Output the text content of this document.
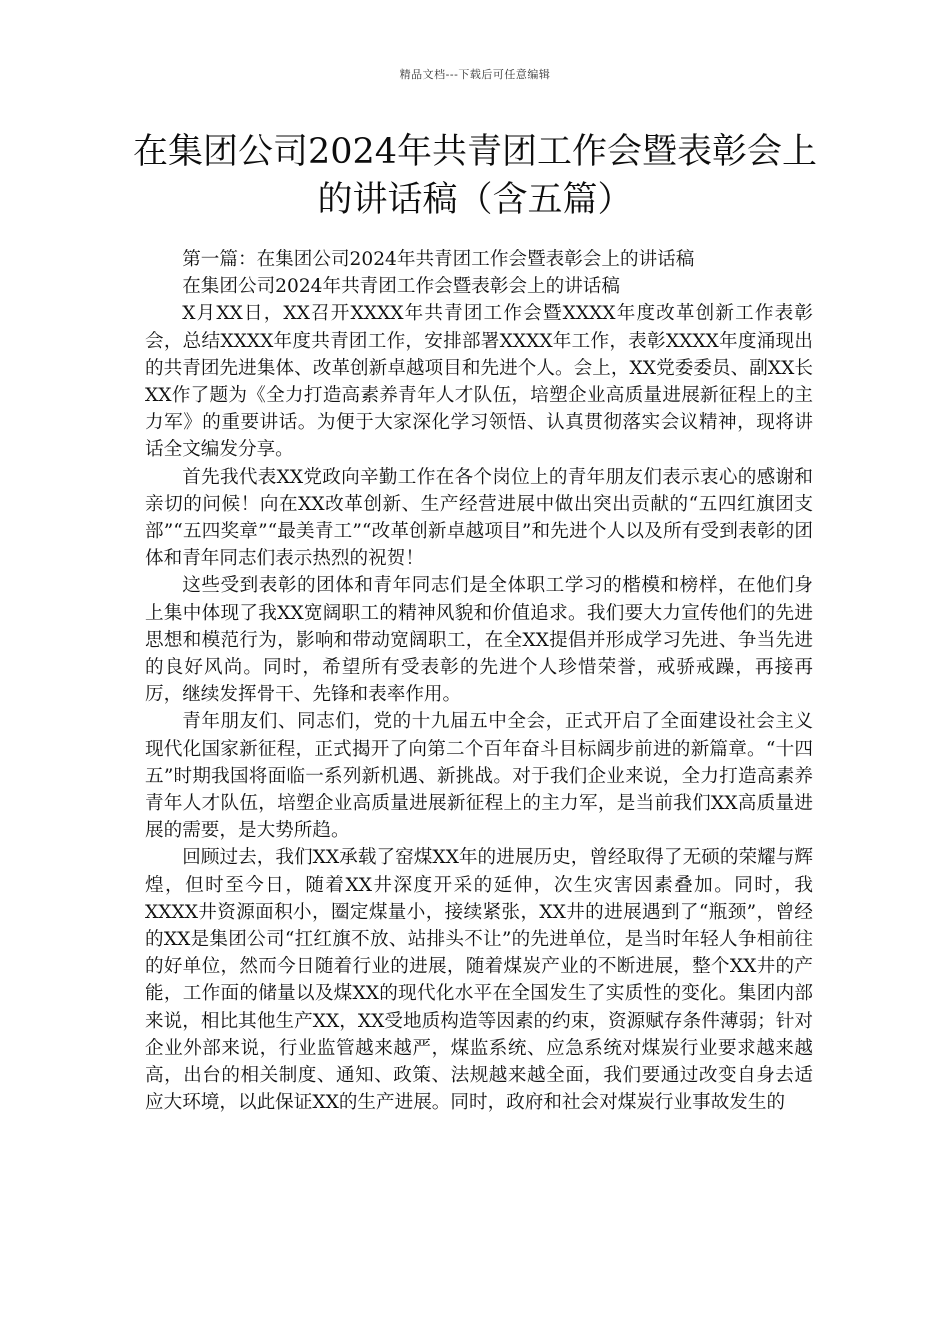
精品文档---下载后可任意编辑
在集团公司2024年共青团工作会暨表彰会上的讲话稿（含五篇）

第一篇：在集团公司2024年共青团工作会暨表彰会上的讲话稿

在集团公司2024年共青团工作会暨表彰会上的讲话稿

X月XX日，XX召开XXXX年共青团工作会暨XXXX年度改革创新工作表彰会，总结XXXX年度共青团工作，安排部署XXXX年工作，表彰XXXX年度涌现出的共青团先进集体、改革创新卓越项目和先进个人。会上，XX党委委员、副XX长XX作了题为《全力打造高素养青年人才队伍，培塑企业高质量进展新征程上的主力军》的重要讲话。为便于大家深化学习领悟、认真贯彻落实会议精神，现将讲话全文编发分享。

首先我代表XX党政向辛勤工作在各个岗位上的青年朋友们表示衷心的感谢和亲切的问候！向在XX改革创新、生产经营进展中做出突出贡献的“五四红旗团支部”“五四奖章”“最美青工”“改革创新卓越项目”和先进个人以及所有受到表彰的团体和青年同志们表示热烈的祝贺！

这些受到表彰的团体和青年同志们是全体职工学习的楷模和榜样，在他们身上集中体现了我XX宽阔职工的精神风貌和价值追求。我们要大力宣传他们的先进思想和模范行为，影响和带动宽阔职工，在全XX提倡并形成学习先进、争当先进的良好风尚。同时，希望所有受表彰的先进个人珍惜荣誉，戒骄戒躁，再接再厉，继续发挥骨干、先锋和表率作用。

青年朋友们、同志们，党的十九届五中全会，正式开启了全面建设社会主义现代化国家新征程，正式揭开了向第二个百年奋斗目标阔步前进的新篇章。“十四五”时期我国将面临一系列新机遇、新挑战。对于我们企业来说，全力打造高素养青年人才队伍，培塑企业高质量进展新征程上的主力军，是当前我们XX高质量进展的需要，是大势所趋。

回顾过去，我们XX承载了窑煤XX年的进展历史，曾经取得了无硕的荣耀与辉煌，但时至今日，随着XX井深度开采的延伸，次生灾害因素叠加。同时，我XXXX井资源面积小，圈定煤量小，接续紧张，XX井的进展遇到了“瓶颈”，曾经的XX是集团公司“扛红旗不放、站排头不让”的先进单位，是当时年轻人争相前往的好单位，然而今日随着行业的进展，随着煤炭产业的不断进展，整个XX井的产能，工作面的储量以及煤XX的现代化水平在全国发生了实质性的变化。集团内部来说，相比其他生产XX，XX受地质构造等因素的约束，资源赋存条件薄弱；针对企业外部来说，行业监管越来越严，煤监系统、应急系统对煤炭行业要求越来越高，出台的相关制度、通知、政策、法规越来越全面，我们要通过改变自身去适应大环境，以此保证XX的生产进展。同时，政府和社会对煤炭行业事故发生的
